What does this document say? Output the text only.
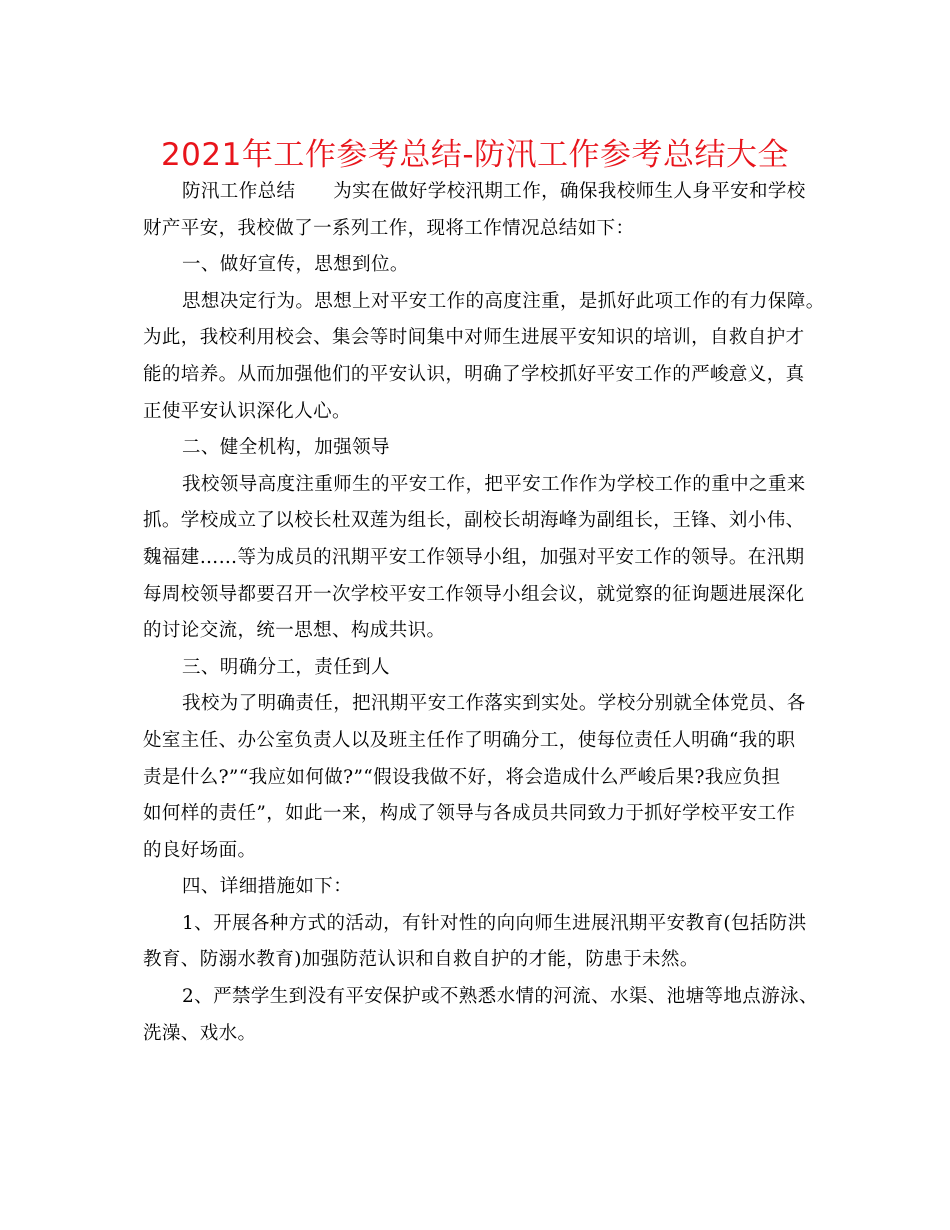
2021年工作参考总结-防汛工作参考总结大全
防汛工作总结　　为实在做好学校汛期工作，确保我校师生人身平安和学校
财产平安，我校做了一系列工作，现将工作情况总结如下：
一、做好宣传，思想到位。
思想决定行为。思想上对平安工作的高度注重，是抓好此项工作的有力保障。
为此，我校利用校会、集会等时间集中对师生进展平安知识的培训，自救自护才
能的培养。从而加强他们的平安认识，明确了学校抓好平安工作的严峻意义，真
正使平安认识深化人心。
二、健全机构，加强领导
我校领导高度注重师生的平安工作，把平安工作作为学校工作的重中之重来
抓。学校成立了以校长杜双莲为组长，副校长胡海峰为副组长，王锋、刘小伟、
魏福建……等为成员的汛期平安工作领导小组，加强对平安工作的领导。在汛期
每周校领导都要召开一次学校平安工作领导小组会议，就觉察的征询题进展深化
的讨论交流，统一思想、构成共识。
三、明确分工，责任到人
我校为了明确责任，把汛期平安工作落实到实处。学校分别就全体党员、各
处室主任、办公室负责人以及班主任作了明确分工，使每位责任人明确“我的职
责是什么?”“我应如何做?”“假设我做不好，将会造成什么严峻后果?我应负担
如何样的责任”，如此一来，构成了领导与各成员共同致力于抓好学校平安工作
的良好场面。
四、详细措施如下：
1、开展各种方式的活动，有针对性的向向师生进展汛期平安教育(包括防洪
教育、防溺水教育)加强防范认识和自救自护的才能，防患于未然。
2、严禁学生到没有平安保护或不熟悉水情的河流、水渠、池塘等地点游泳、
洗澡、戏水。
